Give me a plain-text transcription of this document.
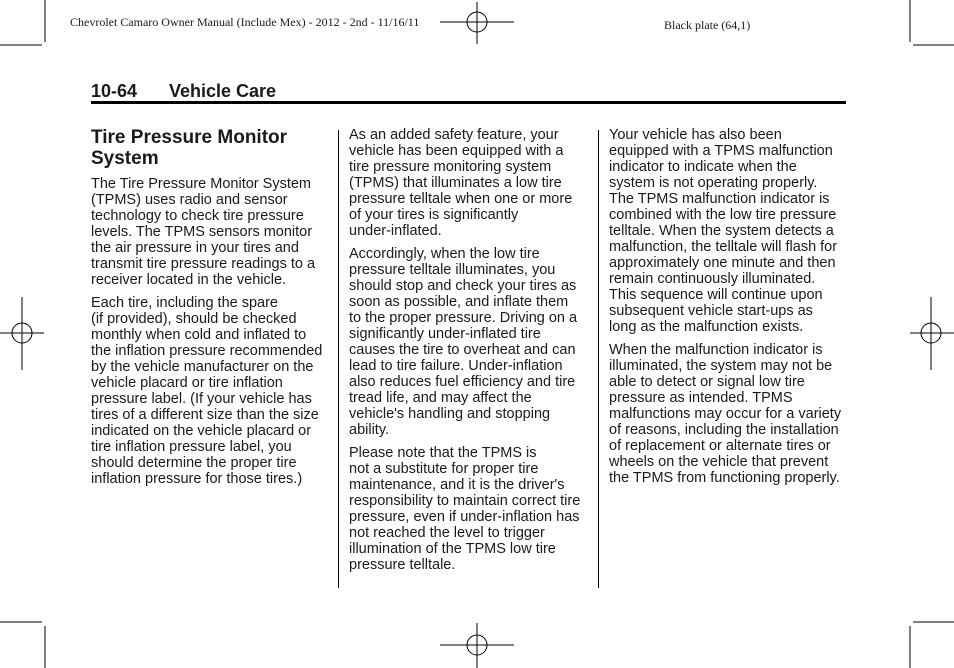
Chevrolet Camaro Owner Manual (Include Mex) - 2012 - 2nd - 11/16/11	Black plate (64,1)
10-64 Vehicle Care
Tire Pressure Monitor System

The Tire Pressure Monitor System
(TPMS) uses radio and sensor
technology to check tire pressure
levels. The TPMS sensors monitor
the air pressure in your tires and
transmit tire pressure readings to a
receiver located in the vehicle.

Each tire, including the spare
(if provided), should be checked
monthly when cold and inflated to
the inflation pressure recommended
by the vehicle manufacturer on the
vehicle placard or tire inflation
pressure label. (If your vehicle has
tires of a different size than the size
indicated on the vehicle placard or
tire inflation pressure label, you
should determine the proper tire
inflation pressure for those tires.)

As an added safety feature, your
vehicle has been equipped with a
tire pressure monitoring system
(TPMS) that illuminates a low tire
pressure telltale when one or more
of your tires is significantly
under-inflated.

Accordingly, when the low tire
pressure telltale illuminates, you
should stop and check your tires as
soon as possible, and inflate them
to the proper pressure. Driving on a
significantly under-inflated tire
causes the tire to overheat and can
lead to tire failure. Under-inflation
also reduces fuel efficiency and tire
tread life, and may affect the
vehicle's handling and stopping
ability.

Please note that the TPMS is
not a substitute for proper tire
maintenance, and it is the driver's
responsibility to maintain correct tire
pressure, even if under-inflation has
not reached the level to trigger
illumination of the TPMS low tire
pressure telltale.

Your vehicle has also been
equipped with a TPMS malfunction
indicator to indicate when the
system is not operating properly.
The TPMS malfunction indicator is
combined with the low tire pressure
telltale. When the system detects a
malfunction, the telltale will flash for
approximately one minute and then
remain continuously illuminated.
This sequence will continue upon
subsequent vehicle start-ups as
long as the malfunction exists.

When the malfunction indicator is
illuminated, the system may not be
able to detect or signal low tire
pressure as intended. TPMS
malfunctions may occur for a variety
of reasons, including the installation
of replacement or alternate tires or
wheels on the vehicle that prevent
the TPMS from functioning properly.
